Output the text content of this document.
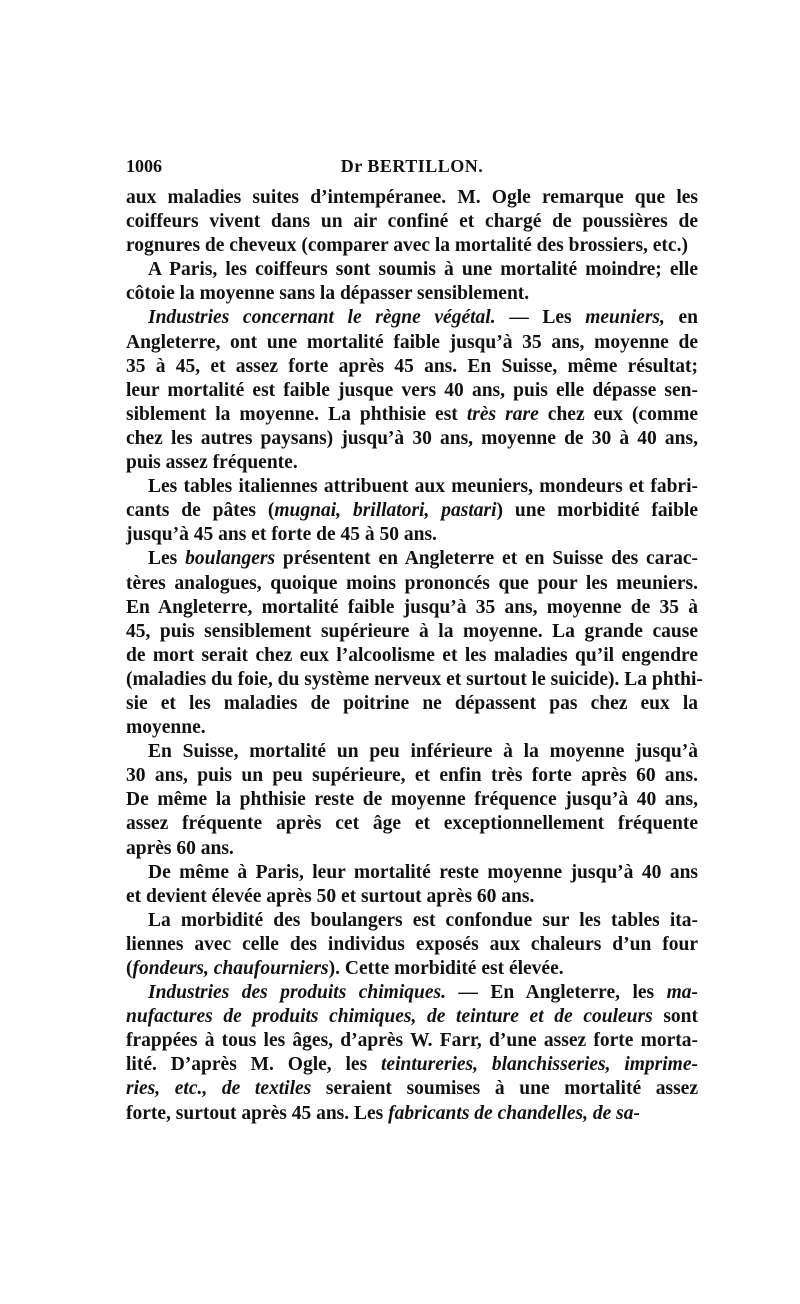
1006	Dr BERTILLON.
aux maladies suites d’intempéranee. M. Ogle remarque que les
coiffeurs vivent dans un air confiné et chargé de poussières de
rognures de cheveux (comparer avec la mortalité des brossiers, etc.)
A Paris, les coiffeurs sont soumis à une mortalité moindre; elle
côtoie la moyenne sans la dépasser sensiblement.
Industries concernant le règne végétal. — Les meuniers, en
Angleterre, ont une mortalité faible jusqu’à 35 ans, moyenne de
35 à 45, et assez forte après 45 ans. En Suisse, même résultat;
leur mortalité est faible jusque vers 40 ans, puis elle dépasse sen-
siblement la moyenne. La phthisie est très rare chez eux (comme
chez les autres paysans) jusqu’à 30 ans, moyenne de 30 à 40 ans,
puis assez fréquente.
Les tables italiennes attribuent aux meuniers, mondeurs et fabri-
cants de pâtes (mugnai, brillatori, pastari) une morbidité faible
jusqu’à 45 ans et forte de 45 à 50 ans.
Les boulangers présentent en Angleterre et en Suisse des carac-
tères analogues, quoique moins prononcés que pour les meuniers.
En Angleterre, mortalité faible jusqu’à 35 ans, moyenne de 35 à
45, puis sensiblement supérieure à la moyenne. La grande cause
de mort serait chez eux l’alcoolisme et les maladies qu’il engendre
(maladies du foie, du système nerveux et surtout le suicide). La phthi-
sie et les maladies de poitrine ne dépassent pas chez eux la
moyenne.
En Suisse, mortalité un peu inférieure à la moyenne jusqu’à
30 ans, puis un peu supérieure, et enfin très forte après 60 ans.
De même la phthisie reste de moyenne fréquence jusqu’à 40 ans,
assez fréquente après cet âge et exceptionnellement fréquente
après 60 ans.
De même à Paris, leur mortalité reste moyenne jusqu’à 40 ans
et devient élevée après 50 et surtout après 60 ans.
La morbidité des boulangers est confondue sur les tables ita-
liennes avec celle des individus exposés aux chaleurs d’un four
(fondeurs, chaufourniers). Cette morbidité est élevée.
Industries des produits chimiques. — En Angleterre, les ma-
nufactures de produits chimiques, de teinture et de couleurs sont
frappées à tous les âges, d’après W. Farr, d’une assez forte morta-
lité. D’après M. Ogle, les teintureries, blanchisseries, imprime-
ries, etc., de textiles seraient soumises à une mortalité assez
forte, surtout après 45 ans. Les fabricants de chandelles, de sa-
